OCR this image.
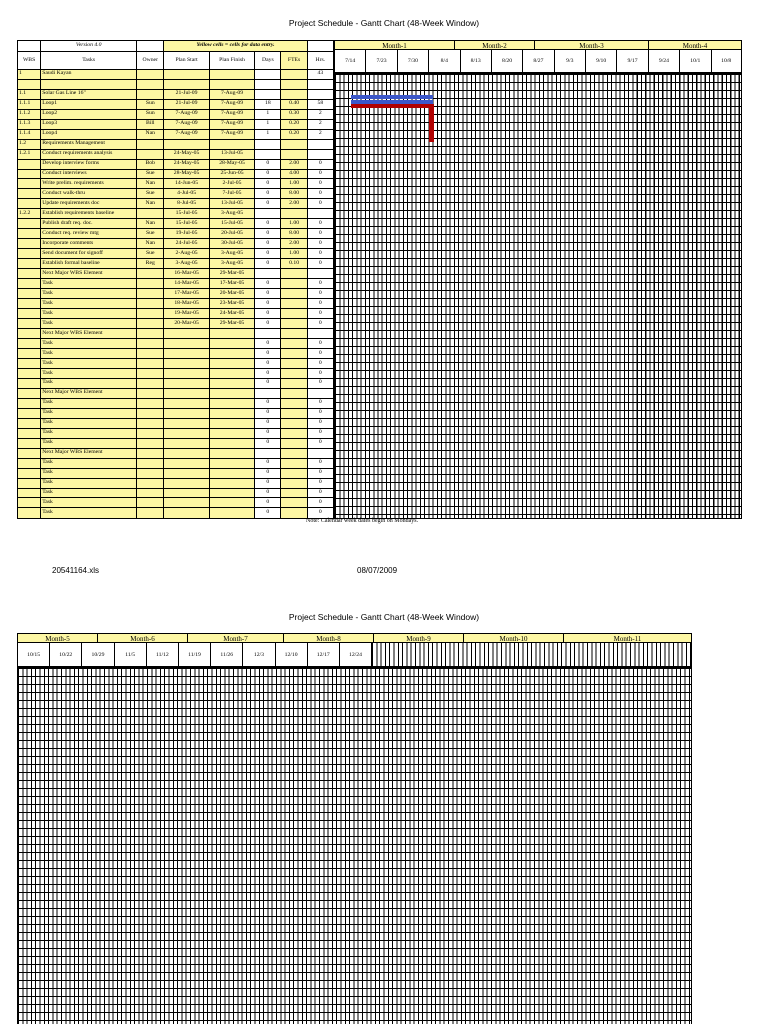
Project Schedule - Gantt Chart (48-Week Window)
	Version 4.0		Yellow cells = cells for data entry.				
WBS	Tasks	Owner	Plan Start	Plan Finish	Days	FTEs	Hrs.
1	Saudi Kayan						43

1.1	Solar Gas Line 16"		21-Jul-09	7-Aug-09			
1.1.1	Loop1	Sun	21-Jul-09	7-Aug-09	18	0.40	58
1.1.2	Loop2	Sun	7-Aug-09	7-Aug-09	1	0.30	2
1.1.3	Loop3	Bill	7-Aug-09	7-Aug-09	1	0.20	2
1.1.4	Loop4	Nan	7-Aug-09	7-Aug-09	1	0.20	2
1.2	Requirements Management						
1.2.1	Conduct requirements analysis		24-May-05	13-Jul-05			
	Develop interview forms	Bob	24-May-05	28-May-05	0	2.00	0
	Conduct interviews	Sue	28-May-05	25-Jun-05	0	4.00	0
	Write prelim. requirements	Nan	14-Jun-05	2-Jul-05	0	1.00	0
	Conduct walk-thru	Sue	4-Jul-05	7-Jul-05	0	8.00	0
	Update requirements doc	Nan	8-Jul-05	13-Jul-05	0	2.00	0
1.2.2	Establish requirements baseline		15-Jul-05	3-Aug-05			
	Publish draft req. doc.	Nan	15-Jul-05	15-Jul-05	0	1.00	0
	Conduct req. review mtg	Sue	19-Jul-05	20-Jul-05	0	8.00	0
	Incorporate comments	Nan	24-Jul-05	30-Jul-05	0	2.00	0
	Send document for signoff	Sue	2-Aug-05	3-Aug-05	0	1.00	0
	Establish formal baseline	Reg	3-Aug-05	3-Aug-05	0	0.10	0
	Next Major WBS Element		16-Mar-05	29-Mar-05			
	Task		14-Mar-05	17-Mar-05	0		0
	Task		17-Mar-05	20-Mar-05	0		0
	Task		18-Mar-05	23-Mar-05	0		0
	Task		19-Mar-05	24-Mar-05	0		0
	Task		20-Mar-05	29-Mar-05	0		0
	Next Major WBS Element						
	Task				0		0
	Task				0		0
	Task				0		0
	Task				0		0
	Task				0		0
	Next Major WBS Element						
	Task				0		0
	Task				0		0
	Task				0		0
	Task				0		0
	Task				0		0
	Next Major WBS Element						
	Task				0		0
	Task				0		0
	Task				0		0
	Task				0		0
	Task				0		0
	Task				0		0
Month-1	Month-2	Month-3	Month-4
7/14	7/23	7/30	8/4	8/13	8/20	8/27	9/3	9/10	9/17	9/24	10/1	10/8
Note: Calendar week dates begin on Mondays.
20541164.xls	08/07/2009
Project Schedule - Gantt Chart (48-Week Window)
Month-5	Month-6	Month-7	Month-8	Month-9	Month-10	Month-11
10/15	10/22	10/29	11/5	11/12	11/19	11/26	12/3	12/10	12/17	12/24
